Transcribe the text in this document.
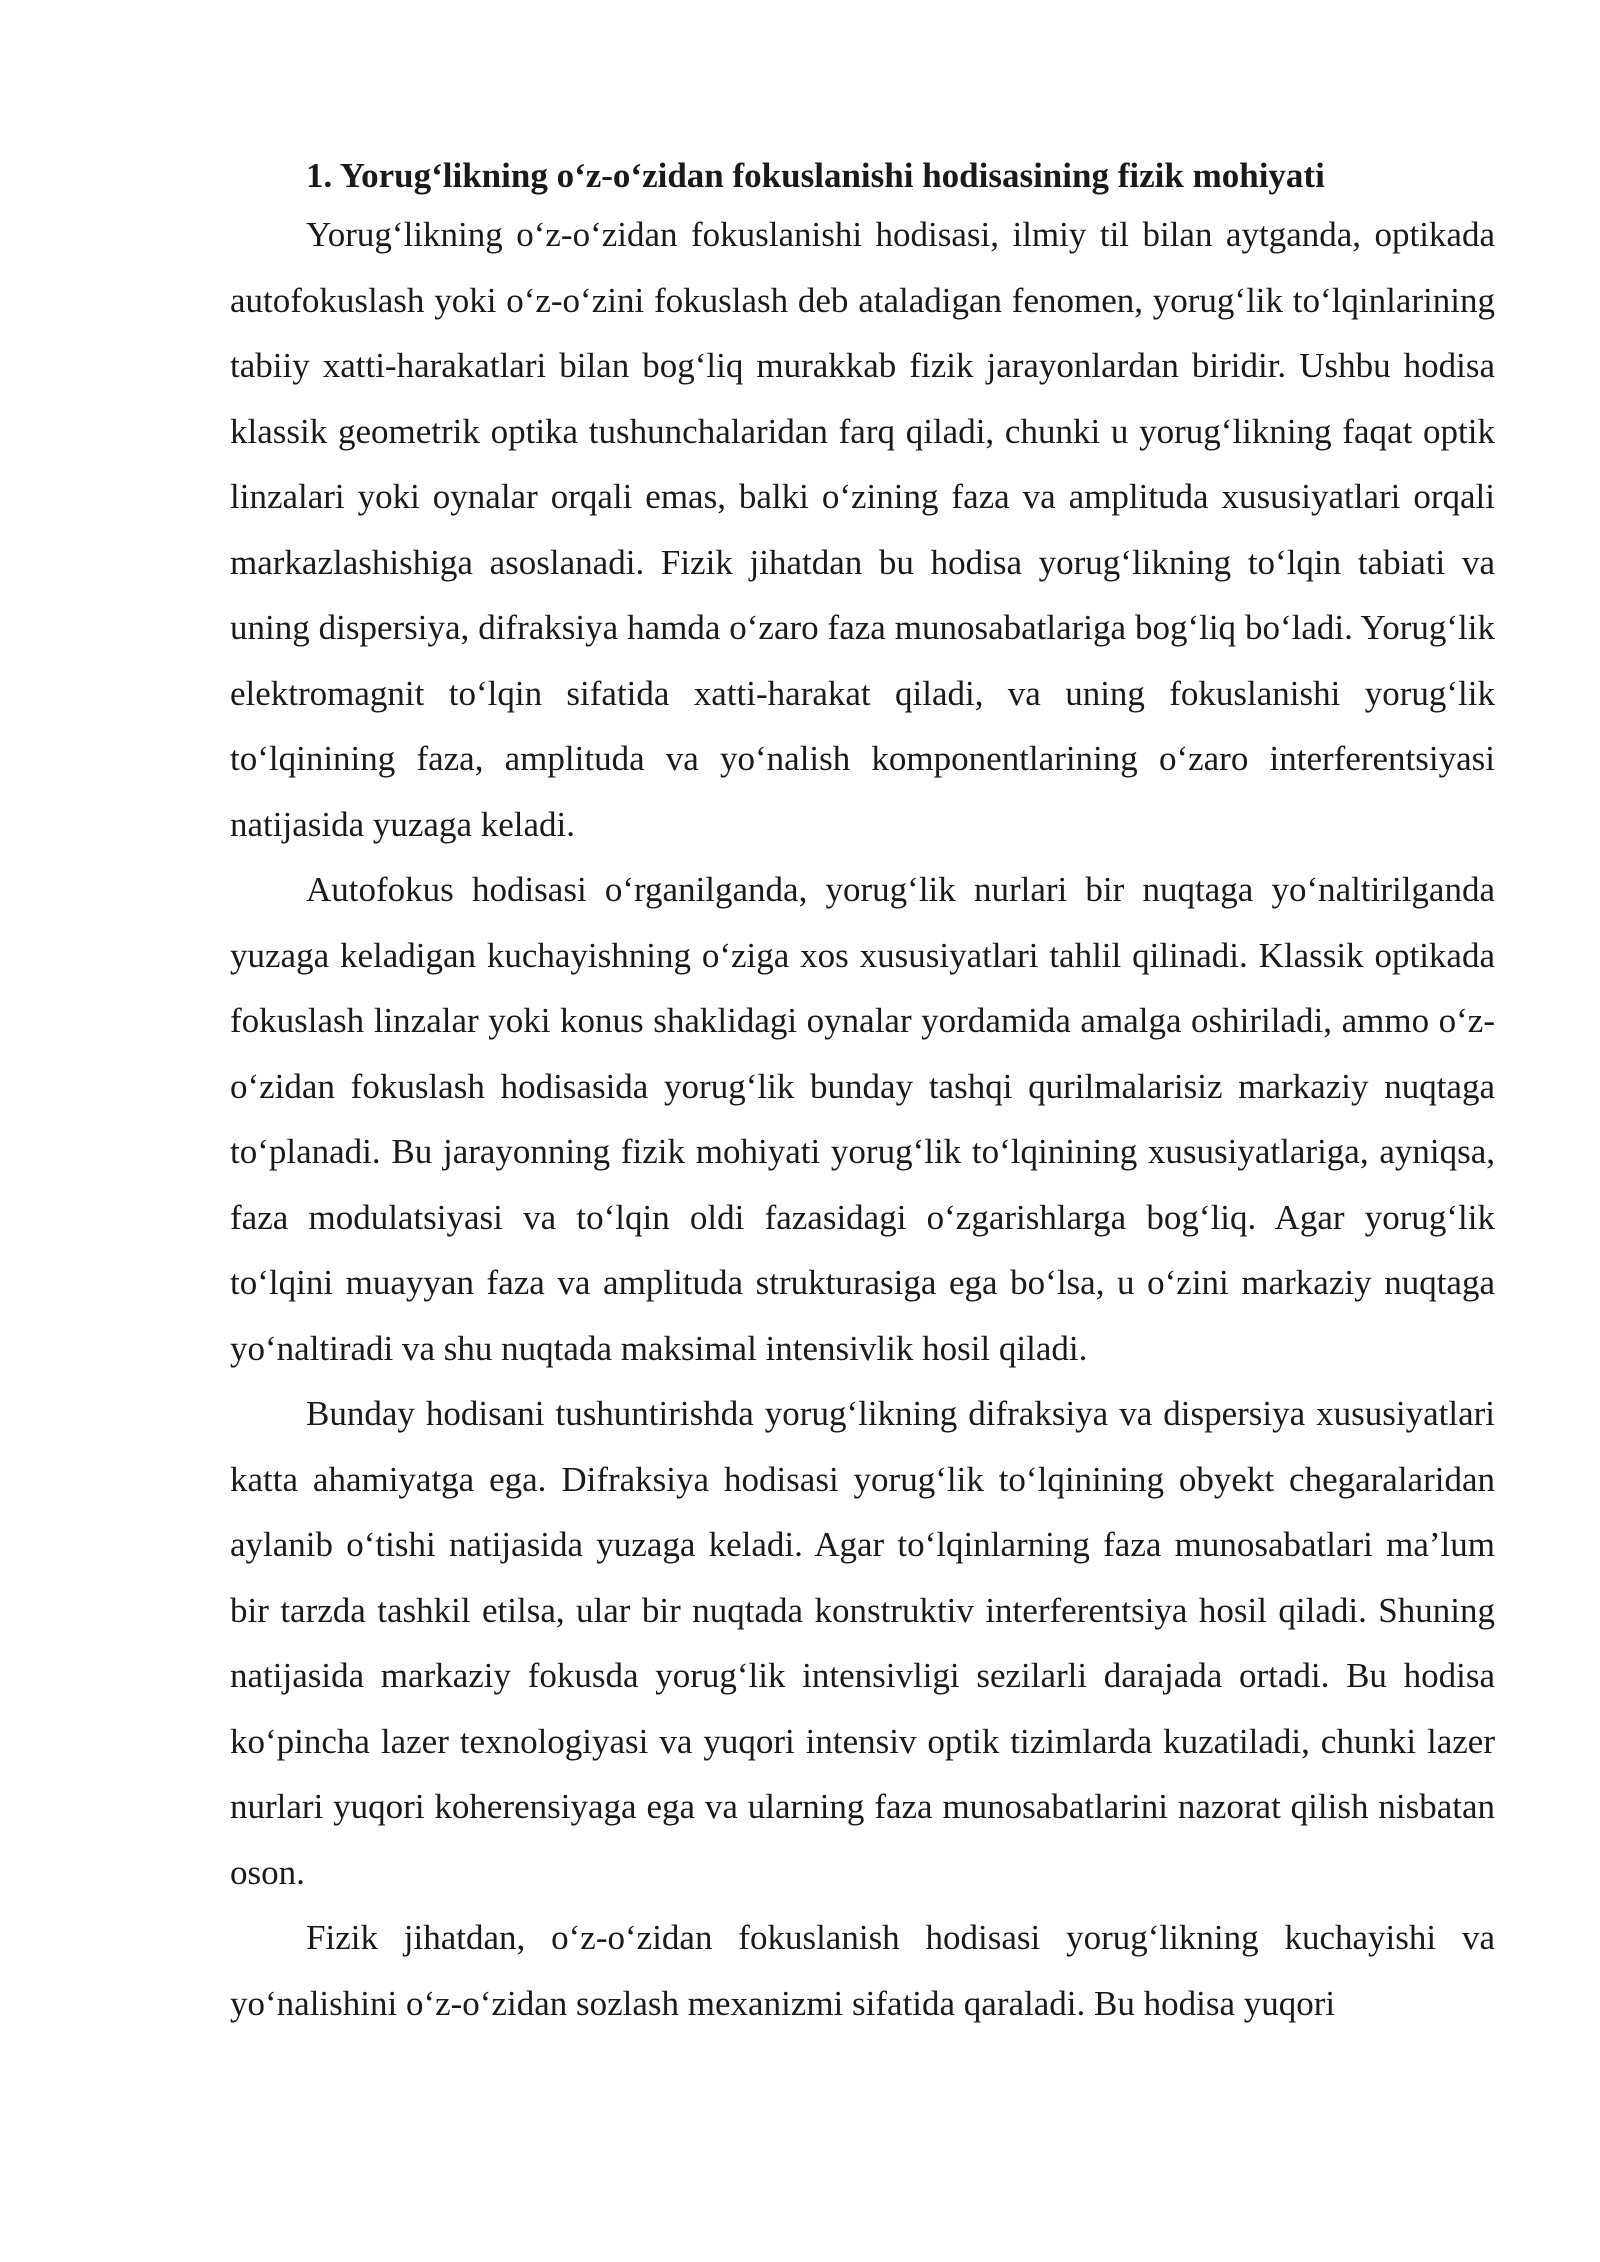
1. Yorug‘likning o‘z-o‘zidan fokuslanishi hodisasining fizik mohiyati

Yorug‘likning o‘z-o‘zidan fokuslanishi hodisasi, ilmiy til bilan aytganda, optikada autofokuslash yoki o‘z-o‘zini fokuslash deb ataladigan fenomen, yorug‘lik to‘lqinlarining tabiiy xatti-harakatlari bilan bog‘liq murakkab fizik jarayonlardan biridir. Ushbu hodisa klassik geometrik optika tushunchalaridan farq qiladi, chunki u yorug‘likning faqat optik linzalari yoki oynalar orqali emas, balki o‘zining faza va amplituda xususiyatlari orqali markazlashishiga asoslanadi. Fizik jihatdan bu hodisa yorug‘likning to‘lqin tabiati va uning dispersiya, difraksiya hamda o‘zaro faza munosabatlariga bog‘liq bo‘ladi. Yorug‘lik elektromagnit to‘lqin sifatida xatti-harakat qiladi, va uning fokuslanishi yorug‘lik to‘lqinining faza, amplituda va yo‘nalish komponentlarining o‘zaro interferentsiyasi natijasida yuzaga keladi.

Autofokus hodisasi o‘rganilganda, yorug‘lik nurlari bir nuqtaga yo‘naltirilganda yuzaga keladigan kuchayishning o‘ziga xos xususiyatlari tahlil qilinadi. Klassik optikada fokuslash linzalar yoki konus shaklidagi oynalar yordamida amalga oshiriladi, ammo o‘z-o‘zidan fokuslash hodisasida yorug‘lik bunday tashqi qurilmalarisiz markaziy nuqtaga to‘planadi. Bu jarayonning fizik mohiyati yorug‘lik to‘lqinining xususiyatlariga, ayniqsa, faza modulatsiyasi va to‘lqin oldi fazasidagi o‘zgarishlarga bog‘liq. Agar yorug‘lik to‘lqini muayyan faza va amplituda strukturasiga ega bo‘lsa, u o‘zini markaziy nuqtaga yo‘naltiradi va shu nuqtada maksimal intensivlik hosil qiladi.

Bunday hodisani tushuntirishda yorug‘likning difraksiya va dispersiya xususiyatlari katta ahamiyatga ega. Difraksiya hodisasi yorug‘lik to‘lqinining obyekt chegaralaridan aylanib o‘tishi natijasida yuzaga keladi. Agar to‘lqinlarning faza munosabatlari ma’lum bir tarzda tashkil etilsa, ular bir nuqtada konstruktiv interferentsiya hosil qiladi. Shuning natijasida markaziy fokusda yorug‘lik intensivligi sezilarli darajada ortadi. Bu hodisa ko‘pincha lazer texnologiyasi va yuqori intensiv optik tizimlarda kuzatiladi, chunki lazer nurlari yuqori koherensiyaga ega va ularning faza munosabatlarini nazorat qilish nisbatan oson.

Fizik jihatdan, o‘z-o‘zidan fokuslanish hodisasi yorug‘likning kuchayishi va yo‘nalishini o‘z-o‘zidan sozlash mexanizmi sifatida qaraladi. Bu hodisa yuqori
